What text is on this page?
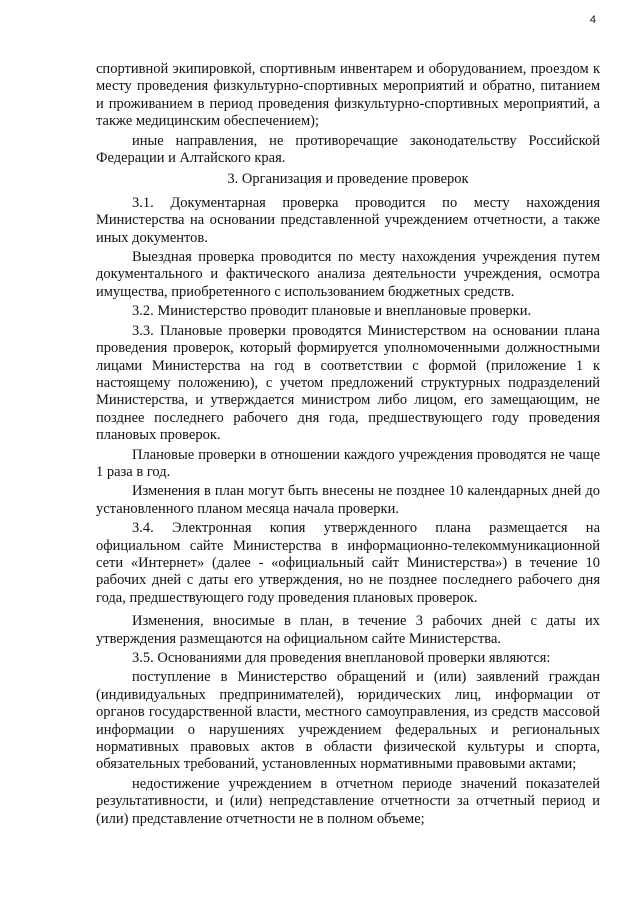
4

спортивной экипировкой, спортивным инвентарем и оборудованием, проездом к месту проведения физкультурно-спортивных мероприятий и обратно, питанием и проживанием в период проведения физкультурно-спортивных мероприятий, а также медицинским обеспечением);

иные направления, не противоречащие законодательству Российской Федерации и Алтайского края.

3. Организация и проведение проверок

3.1. Документарная проверка проводится по месту нахождения Министерства на основании представленной учреждением отчетности, а также иных документов.

Выездная проверка проводится по месту нахождения учреждения путем документального и фактического анализа деятельности учреждения, осмотра имущества, приобретенного с использованием бюджетных средств.

3.2. Министерство проводит плановые и внеплановые проверки.

3.3. Плановые проверки проводятся Министерством на основании плана проведения проверок, который формируется уполномоченными должностными лицами Министерства на год в соответствии с формой (приложение 1 к настоящему положению), с учетом предложений структурных подразделений Министерства, и утверждается министром либо лицом, его замещающим, не позднее последнего рабочего дня года, предшествующего году проведения плановых проверок.

Плановые проверки в отношении каждого учреждения проводятся не чаще 1 раза в год.

Изменения в план могут быть внесены не позднее 10 календарных дней до установленного планом месяца начала проверки.

3.4. Электронная копия утвержденного плана размещается на официальном сайте Министерства в информационно-телекоммуникационной сети «Интернет» (далее - «официальный сайт Министерства») в течение 10 рабочих дней с даты его утверждения, но не позднее последнего рабочего дня года, предшествующего году проведения плановых проверок.

Изменения, вносимые в план, в течение 3 рабочих дней с даты их утверждения размещаются на официальном сайте Министерства.

3.5. Основаниями для проведения внеплановой проверки являются:

поступление в Министерство обращений и (или) заявлений граждан (индивидуальных предпринимателей), юридических лиц, информации от органов государственной власти, местного самоуправления, из средств массовой информации о нарушениях учреждением федеральных и региональных нормативных правовых актов в области физической культуры и спорта, обязательных требований, установленных нормативными правовыми актами;

недостижение учреждением в отчетном периоде значений показателей результативности, и (или) непредставление отчетности за отчетный период и (или) представление отчетности не в полном объеме;
